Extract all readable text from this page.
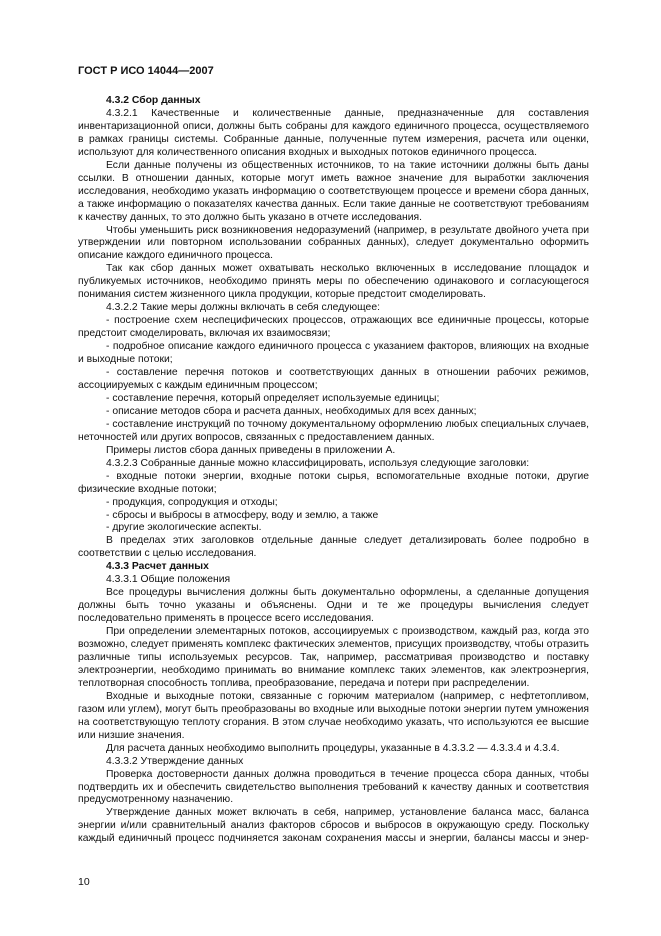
ГОСТ Р ИСО 14044—2007

4.3.2 Сбор данных

4.3.2.1 Качественные и количественные данные, предназначенные для составления инвентаризационной описи, должны быть собраны для каждого единичного процесса, осуществляемого в рамках границы системы. Собранные данные, полученные путем измерения, расчета или оценки, используют для количественного описания входных и выходных потоков единичного процесса.

Если данные получены из общественных источников, то на такие источники должны быть даны ссылки. В отношении данных, которые могут иметь важное значение для выработки заключения исследования, необходимо указать информацию о соответствующем процессе и времени сбора данных, а также информацию о показателях качества данных. Если такие данные не соответствуют требованиям к качеству данных, то это должно быть указано в отчете исследования.

Чтобы уменьшить риск возникновения недоразумений (например, в результате двойного учета при утверждении или повторном использовании собранных данных), следует документально оформить описание каждого единичного процесса.

Так как сбор данных может охватывать несколько включенных в исследование площадок и публикуемых источников, необходимо принять меры по обеспечению одинакового и согласующегося понимания систем жизненного цикла продукции, которые предстоит смоделировать.

4.3.2.2 Такие меры должны включать в себя следующее:

- построение схем неспецифических процессов, отражающих все единичные процессы, которые предстоит смоделировать, включая их взаимосвязи;

- подробное описание каждого единичного процесса с указанием факторов, влияющих на входные и выходные потоки;

- составление перечня потоков и соответствующих данных в отношении рабочих режимов, ассоциируемых с каждым единичным процессом;

- составление перечня, который определяет используемые единицы;

- описание методов сбора и расчета данных, необходимых для всех данных;

- составление инструкций по точному документальному оформлению любых специальных случаев, неточностей или других вопросов, связанных с предоставлением данных.

Примеры листов сбора данных приведены в приложении А.

4.3.2.3 Собранные данные можно классифицировать, используя следующие заголовки:

- входные потоки энергии, входные потоки сырья, вспомогательные входные потоки, другие физические входные потоки;

- продукция, сопродукция и отходы;

- сбросы и выбросы в атмосферу, воду и землю, а также

- другие экологические аспекты.

В пределах этих заголовков отдельные данные следует детализировать более подробно в соответствии с целью исследования.

4.3.3 Расчет данных

4.3.3.1 Общие положения

Все процедуры вычисления должны быть документально оформлены, а сделанные допущения должны быть точно указаны и объяснены. Одни и те же процедуры вычисления следует последовательно применять в процессе всего исследования.

При определении элементарных потоков, ассоциируемых с производством, каждый раз, когда это возможно, следует применять комплекс фактических элементов, присущих производству, чтобы отразить различные типы используемых ресурсов. Так, например, рассматривая производство и поставку электроэнергии, необходимо принимать во внимание комплекс таких элементов, как электроэнергия, теплотворная способность топлива, преобразование, передача и потери при распределении.

Входные и выходные потоки, связанные с горючим материалом (например, с нефтетопливом, газом или углем), могут быть преобразованы во входные или выходные потоки энергии путем умножения на соответствующую теплоту сгорания. В этом случае необходимо указать, что используются ее высшие или низшие значения.

Для расчета данных необходимо выполнить процедуры, указанные в 4.3.3.2 — 4.3.3.4 и 4.3.4.

4.3.3.2 Утверждение данных

Проверка достоверности данных должна проводиться в течение процесса сбора данных, чтобы подтвердить их и обеспечить свидетельство выполнения требований к качеству данных и соответствия предусмотренному назначению.

Утверждение данных может включать в себя, например, установление баланса масс, баланса энергии и/или сравнительный анализ факторов сбросов и выбросов в окружающую среду. Поскольку каждый единичный процесс подчиняется законам сохранения массы и энергии, балансы массы и энер-

10
